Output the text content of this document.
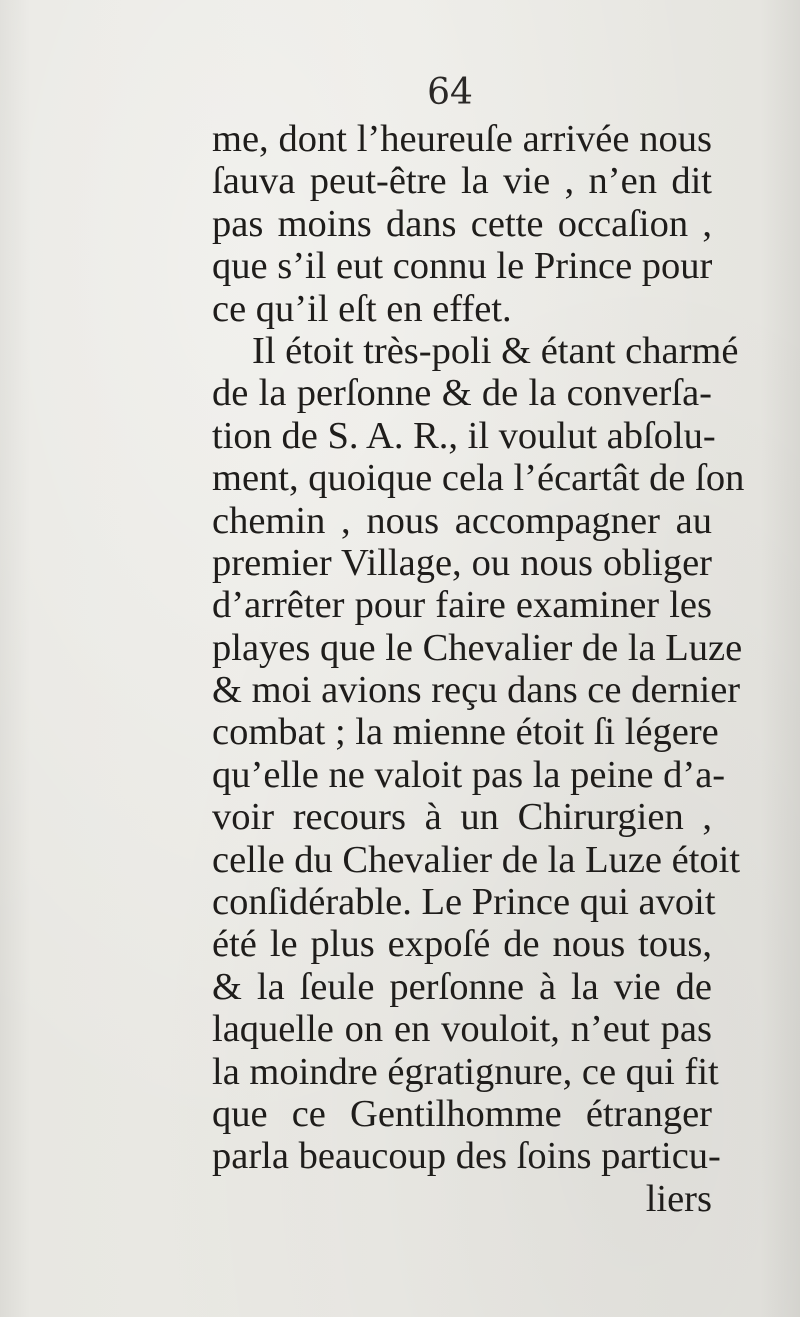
64
me, dont l’heureuſe arrivée nous
ſauva peut-être la vie , n’en dit
pas moins dans cette occaſion ,
que s’il eut connu le Prince pour
ce qu’il eſt en effet.
Il étoit très-poli & étant charmé
de la perſonne & de la converſa-
tion de S. A. R., il voulut abſolu-
ment, quoique cela l’écartât de ſon
chemin , nous accompagner au
premier Village, ou nous obliger
d’arrêter pour faire examiner les
playes que le Chevalier de la Luze
& moi avions reçu dans ce dernier
combat ; la mienne étoit ſi légere
qu’elle ne valoit pas la peine d’a-
voir recours à un Chirurgien ,
celle du Chevalier de la Luze étoit
conſidérable. Le Prince qui avoit
été le plus expoſé de nous tous,
& la ſeule perſonne à la vie de
laquelle on en vouloit, n’eut pas
la moindre égratignure, ce qui fit
que ce Gentilhomme étranger
parla beaucoup des ſoins particu-
liers
